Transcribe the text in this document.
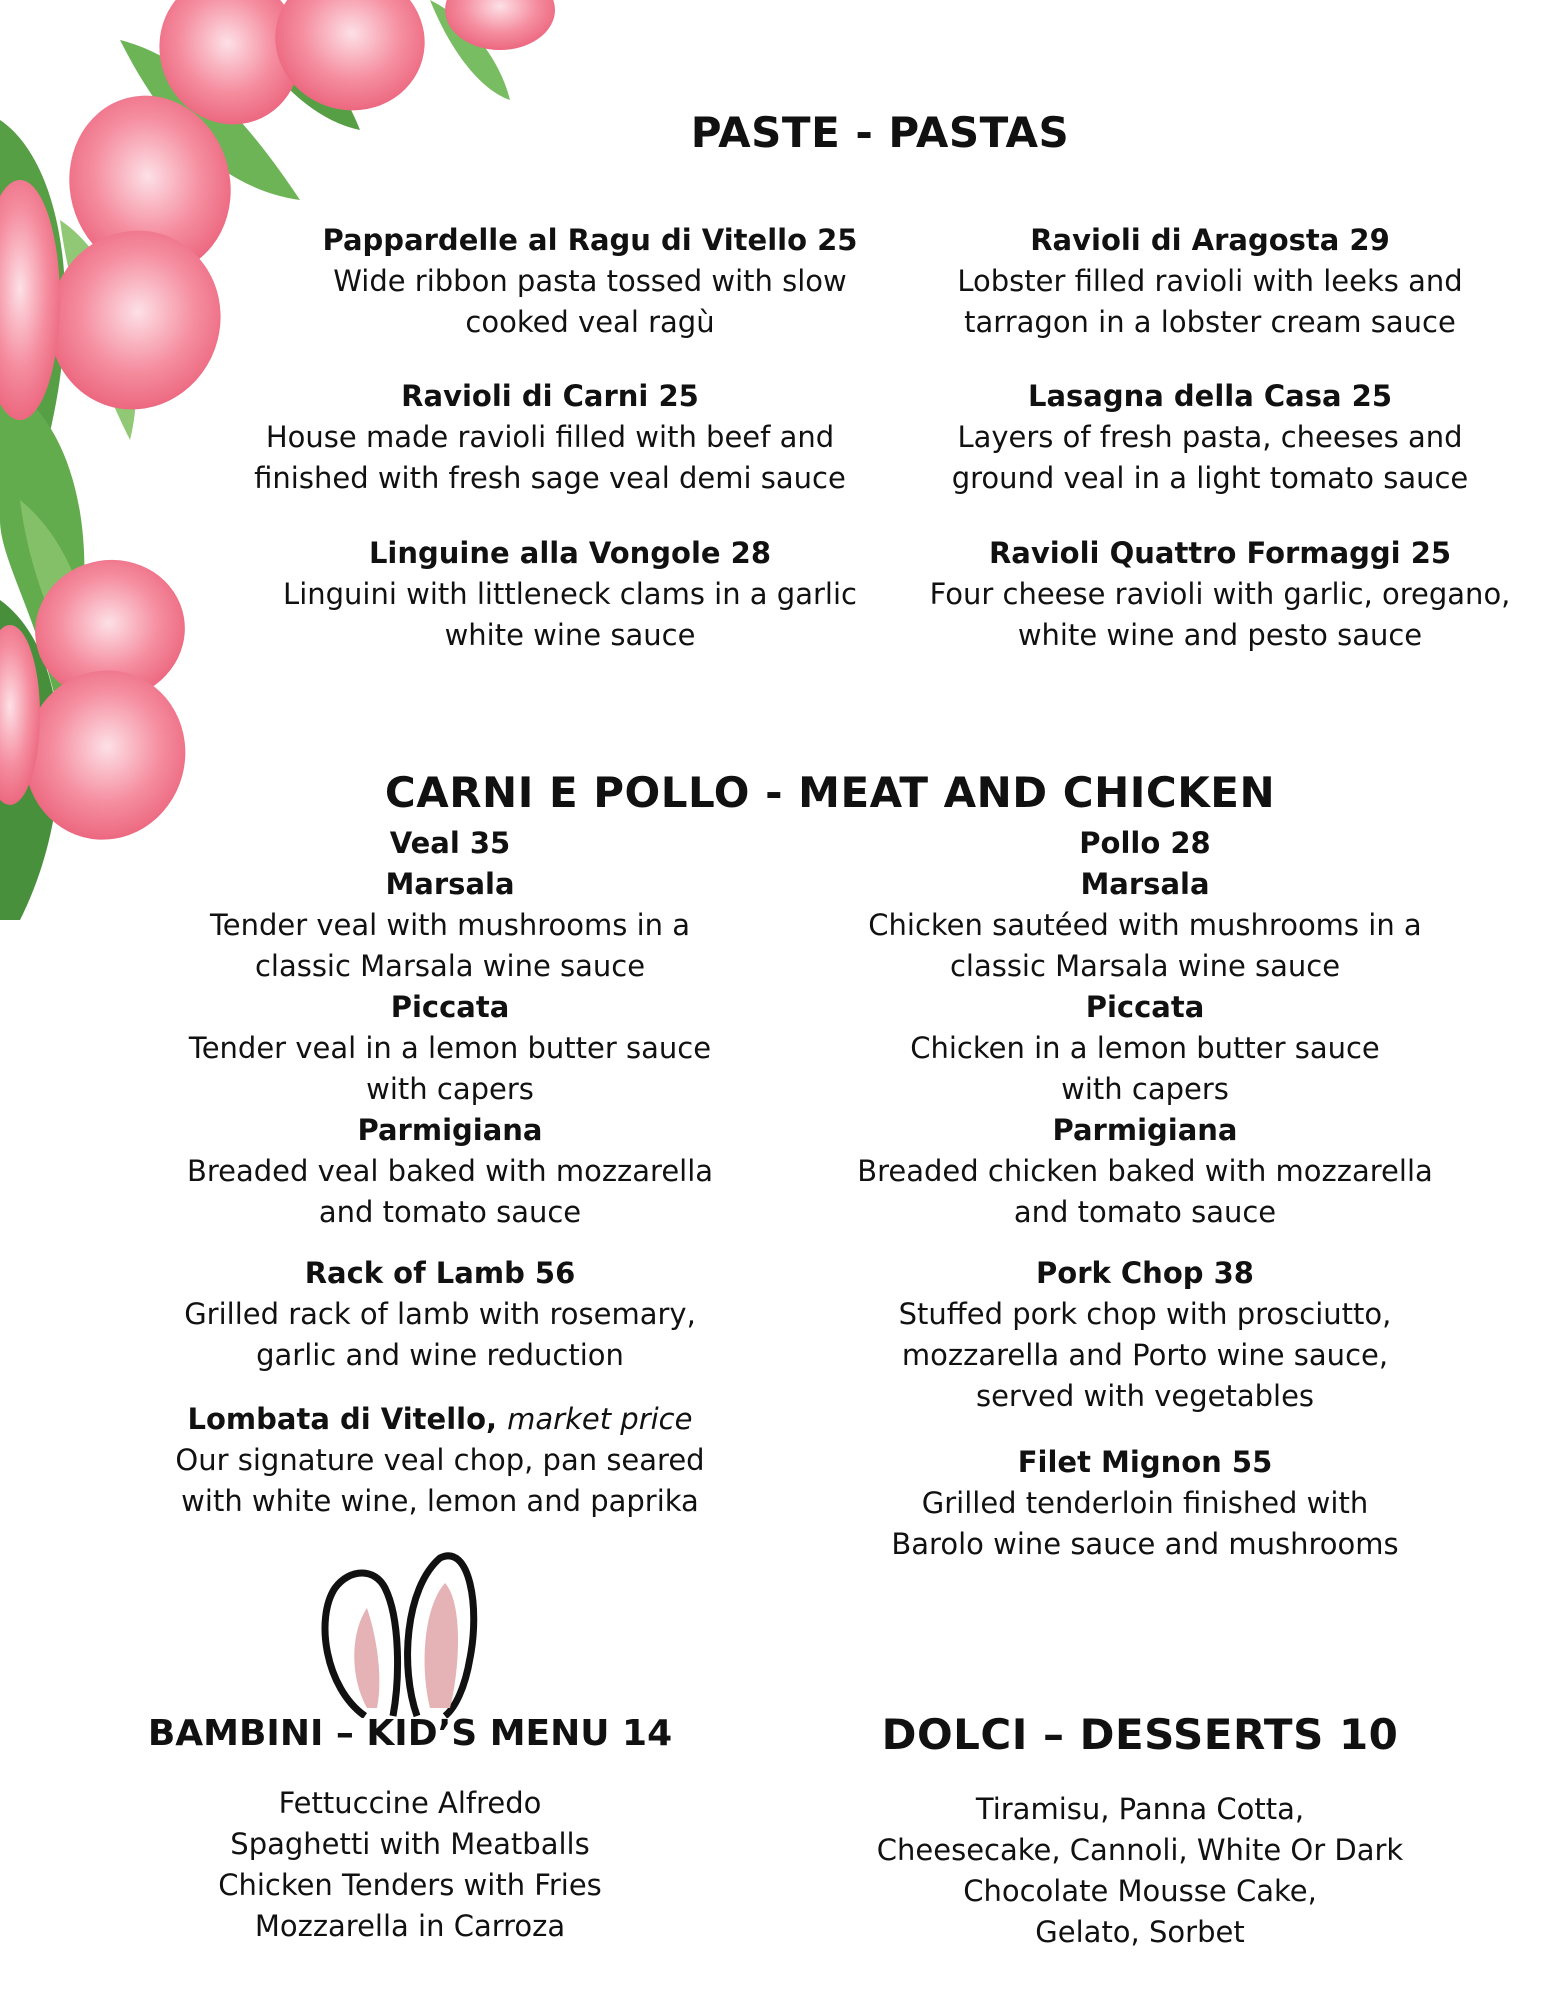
PASTE - PASTAS
Pappardelle al Ragu di Vitello 25
Wide ribbon pasta tossed with slow
cooked veal ragù
Ravioli di Aragosta 29
Lobster filled ravioli with leeks and
tarragon in a lobster cream sauce
Ravioli di Carni 25
House made ravioli filled with beef and
finished with fresh sage veal demi sauce
Lasagna della Casa 25
Layers of fresh pasta, cheeses and
ground veal in a light tomato sauce
Linguine alla Vongole 28
Linguini with littleneck clams in a garlic
white wine sauce
Ravioli Quattro Formaggi 25
Four cheese ravioli with garlic, oregano,
white wine and pesto sauce
CARNI E POLLO - MEAT AND CHICKEN
Veal 35
Marsala
Tender veal with mushrooms in a
classic Marsala wine sauce
Piccata
Tender veal in a lemon butter sauce
with capers
Parmigiana
Breaded veal baked with mozzarella
and tomato sauce
Pollo 28
Marsala
Chicken sautéed with mushrooms in a
classic Marsala wine sauce
Piccata
Chicken in a lemon butter sauce
with capers
Parmigiana
Breaded chicken baked with mozzarella
and tomato sauce
Rack of Lamb 56
Grilled rack of lamb with rosemary,
garlic and wine reduction
Lombata di Vitello, market price
Our signature veal chop, pan seared
with white wine, lemon and paprika
Pork Chop 38
Stuffed pork chop with prosciutto,
mozzarella and Porto wine sauce,
served with vegetables
Filet Mignon 55
Grilled tenderloin finished with
Barolo wine sauce and mushrooms
BAMBINI – KID’S MENU 14
Fettuccine Alfredo
Spaghetti with Meatballs
Chicken Tenders with Fries
Mozzarella in Carroza
DOLCI – DESSERTS 10
Tiramisu, Panna Cotta,
Cheesecake, Cannoli, White Or Dark
Chocolate Mousse Cake,
Gelato, Sorbet
